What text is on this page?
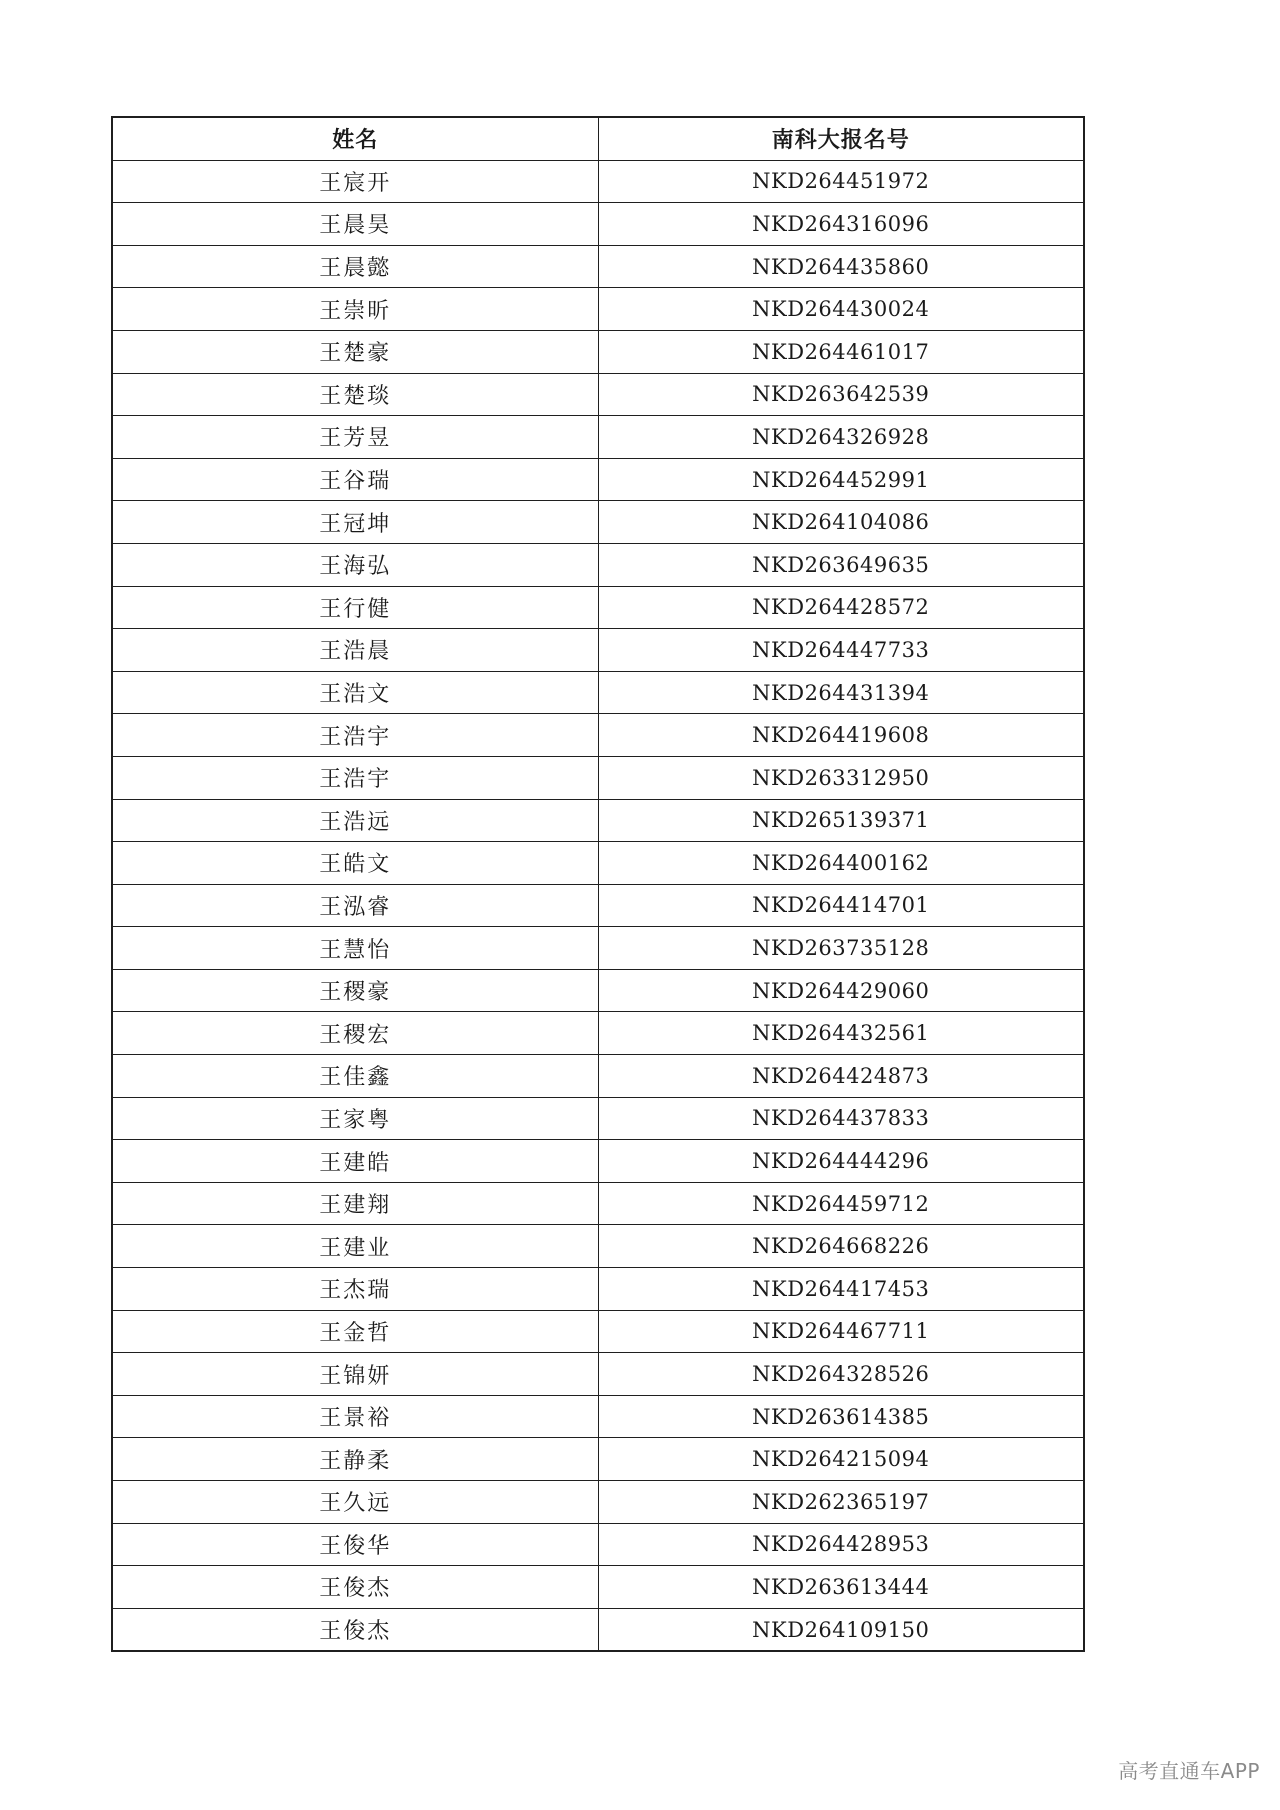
姓名	南科大报名号
王宸开	NKD264451972
王晨昊	NKD264316096
王晨懿	NKD264435860
王崇昕	NKD264430024
王楚豪	NKD264461017
王楚琰	NKD263642539
王芳昱	NKD264326928
王谷瑞	NKD264452991
王冠坤	NKD264104086
王海弘	NKD263649635
王行健	NKD264428572
王浩晨	NKD264447733
王浩文	NKD264431394
王浩宇	NKD264419608
王浩宇	NKD263312950
王浩远	NKD265139371
王皓文	NKD264400162
王泓睿	NKD264414701
王慧怡	NKD263735128
王稷豪	NKD264429060
王稷宏	NKD264432561
王佳鑫	NKD264424873
王家粤	NKD264437833
王建皓	NKD264444296
王建翔	NKD264459712
王建业	NKD264668226
王杰瑞	NKD264417453
王金哲	NKD264467711
王锦妍	NKD264328526
王景裕	NKD263614385
王静柔	NKD264215094
王久远	NKD262365197
王俊华	NKD264428953
王俊杰	NKD263613444
王俊杰	NKD264109150
高考直通车APP
